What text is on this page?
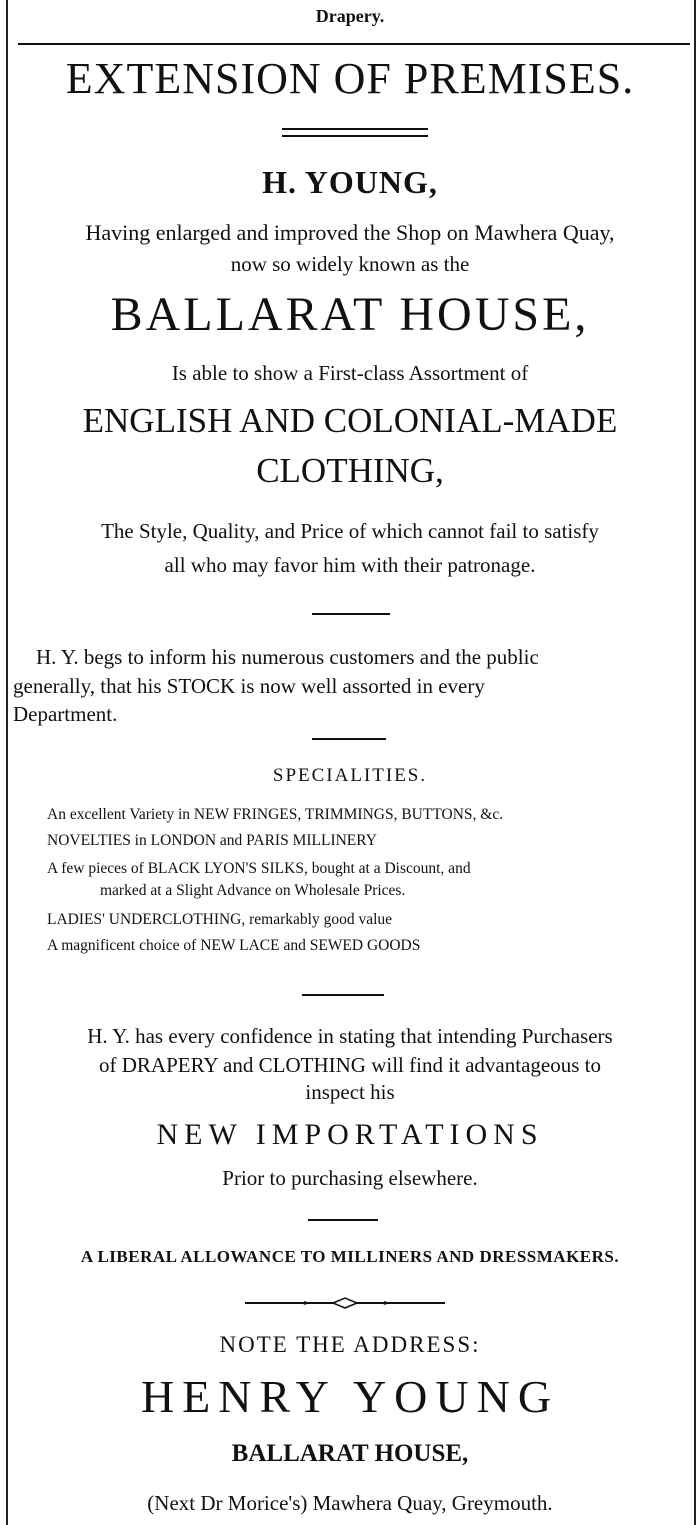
Drapery.
EXTENSION OF PREMISES.
H. YOUNG,
Having enlarged and improved the Shop on Mawhera Quay,
now so widely known as the
BALLARAT HOUSE,
Is able to show a First-class Assortment of
ENGLISH AND COLONIAL-MADE
CLOTHING,
The Style, Quality, and Price of which cannot fail to satisfy
all who may favor him with their patronage.
H. Y. begs to inform his numerous customers and the public
generally, that his STOCK is now well assorted in every
Department.
SPECIALITIES.
An excellent Variety in NEW FRINGES, TRIMMINGS, BUTTONS, &c.
NOVELTIES in LONDON and PARIS MILLINERY
A few pieces of BLACK LYON'S SILKS, bought at a Discount, and
marked at a Slight Advance on Wholesale Prices.
LADIES' UNDERCLOTHING, remarkably good value
A magnificent choice of NEW LACE and SEWED GOODS
H. Y. has every confidence in stating that intending Purchasers
of DRAPERY and CLOTHING will find it advantageous to
inspect his
NEW IMPORTATIONS
Prior to purchasing elsewhere.
A LIBERAL ALLOWANCE TO MILLINERS AND DRESSMAKERS.
NOTE THE ADDRESS:
HENRY YOUNG
BALLARAT HOUSE,
(Next Dr Morice's) Mawhera Quay, Greymouth.
